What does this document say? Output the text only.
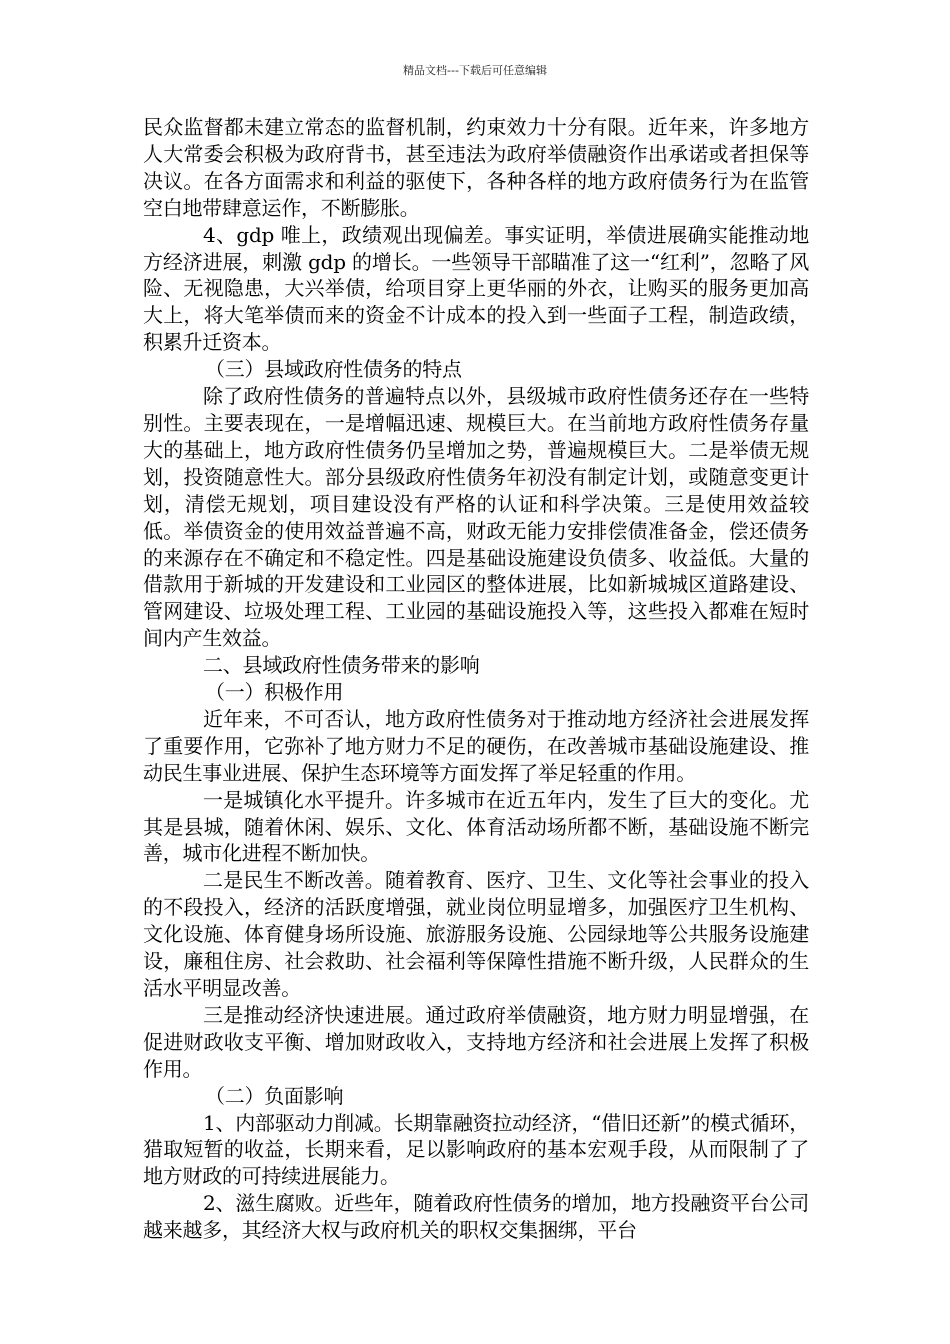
精品文档---下载后可任意编辑

民众监督都未建立常态的监督机制，约束效力十分有限。近年来，许多地方人大常委会积极为政府背书，甚至违法为政府举债融资作出承诺或者担保等决议。在各方面需求和利益的驱使下，各种各样的地方政府债务行为在监管空白地带肆意运作，不断膨胀。

4、gdp 唯上，政绩观出现偏差。事实证明，举债进展确实能推动地方经济进展，刺激 gdp 的增长。一些领导干部瞄准了这一“红利”，忽略了风险、无视隐患，大兴举债，给项目穿上更华丽的外衣，让购买的服务更加高大上，将大笔举债而来的资金不计成本的投入到一些面子工程，制造政绩，积累升迁资本。

（三）县域政府性债务的特点

除了政府性债务的普遍特点以外，县级城市政府性债务还存在一些特别性。主要表现在，一是增幅迅速、规模巨大。在当前地方政府性债务存量大的基础上，地方政府性债务仍呈增加之势，普遍规模巨大。二是举债无规划，投资随意性大。部分县级政府性债务年初没有制定计划，或随意变更计划，清偿无规划，项目建设没有严格的认证和科学决策。三是使用效益较低。举债资金的使用效益普遍不高，财政无能力安排偿债准备金，偿还债务的来源存在不确定和不稳定性。四是基础设施建设负债多、收益低。大量的借款用于新城的开发建设和工业园区的整体进展，比如新城城区道路建设、管网建设、垃圾处理工程、工业园的基础设施投入等，这些投入都难在短时间内产生效益。

二、县域政府性债务带来的影响

（一）积极作用

近年来，不可否认，地方政府性债务对于推动地方经济社会进展发挥了重要作用，它弥补了地方财力不足的硬伤，在改善城市基础设施建设、推动民生事业进展、保护生态环境等方面发挥了举足轻重的作用。

一是城镇化水平提升。许多城市在近五年内，发生了巨大的变化。尤其是县城，随着休闲、娱乐、文化、体育活动场所都不断，基础设施不断完善，城市化进程不断加快。

二是民生不断改善。随着教育、医疗、卫生、文化等社会事业的投入的不段投入，经济的活跃度增强，就业岗位明显增多，加强医疗卫生机构、文化设施、体育健身场所设施、旅游服务设施、公园绿地等公共服务设施建设，廉租住房、社会救助、社会福利等保障性措施不断升级，人民群众的生活水平明显改善。

三是推动经济快速进展。通过政府举债融资，地方财力明显增强，在促进财政收支平衡、增加财政收入，支持地方经济和社会进展上发挥了积极作用。

（二）负面影响

1、内部驱动力削减。长期靠融资拉动经济，“借旧还新”的模式循环，猎取短暂的收益，长期来看，足以影响政府的基本宏观手段，从而限制了了地方财政的可持续进展能力。

2、滋生腐败。近些年，随着政府性债务的增加，地方投融资平台公司越来越多，其经济大权与政府机关的职权交集捆绑，平台
